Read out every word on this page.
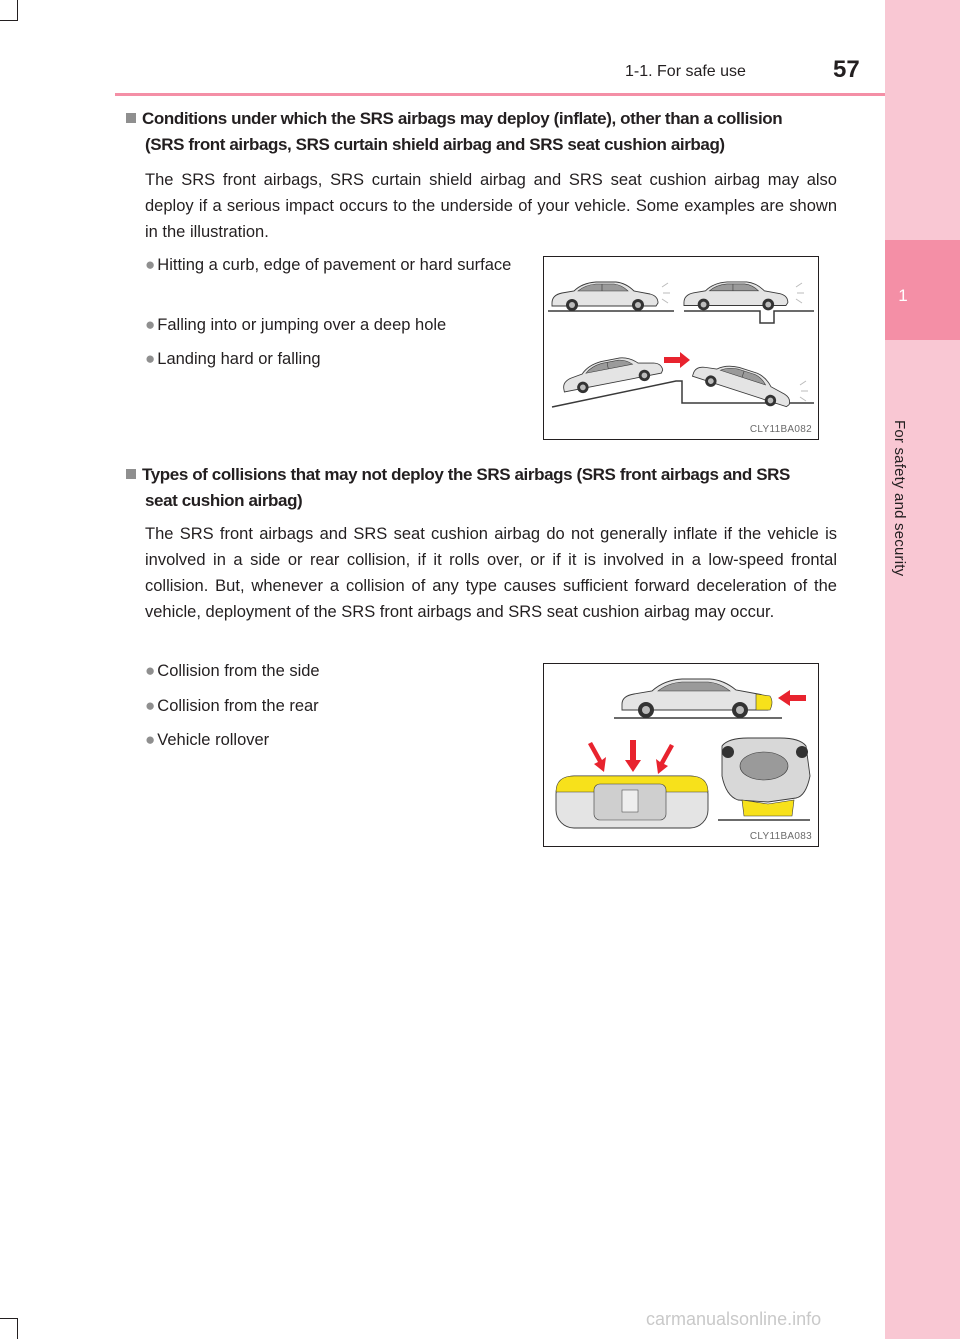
1
For safety and security
1-1. For safe use	57
Conditions under which the SRS airbags may deploy (inflate), other than a collision
(SRS front airbags, SRS curtain shield airbag and SRS seat cushion airbag)
The SRS front airbags, SRS curtain shield airbag and SRS seat cushion airbag may also deploy if a serious impact occurs to the underside of your vehicle. Some examples are shown in the illustration.
● Hitting a curb, edge of pavement or hard surface
● Falling into or jumping over a deep hole
● Landing hard or falling
CLY11BA082
Types of collisions that may not deploy the SRS airbags (SRS front airbags and SRS
seat cushion airbag)
The SRS front airbags and SRS seat cushion airbag do not generally inflate if the vehicle is involved in a side or rear collision, if it rolls over, or if it is involved in a low-speed frontal collision. But, whenever a collision of any type causes sufficient forward deceleration of the vehicle, deployment of the SRS front airbags and SRS seat cushion airbag may occur.
● Collision from the side
● Collision from the rear
● Vehicle rollover
CLY11BA083
carmanualsonline.info
